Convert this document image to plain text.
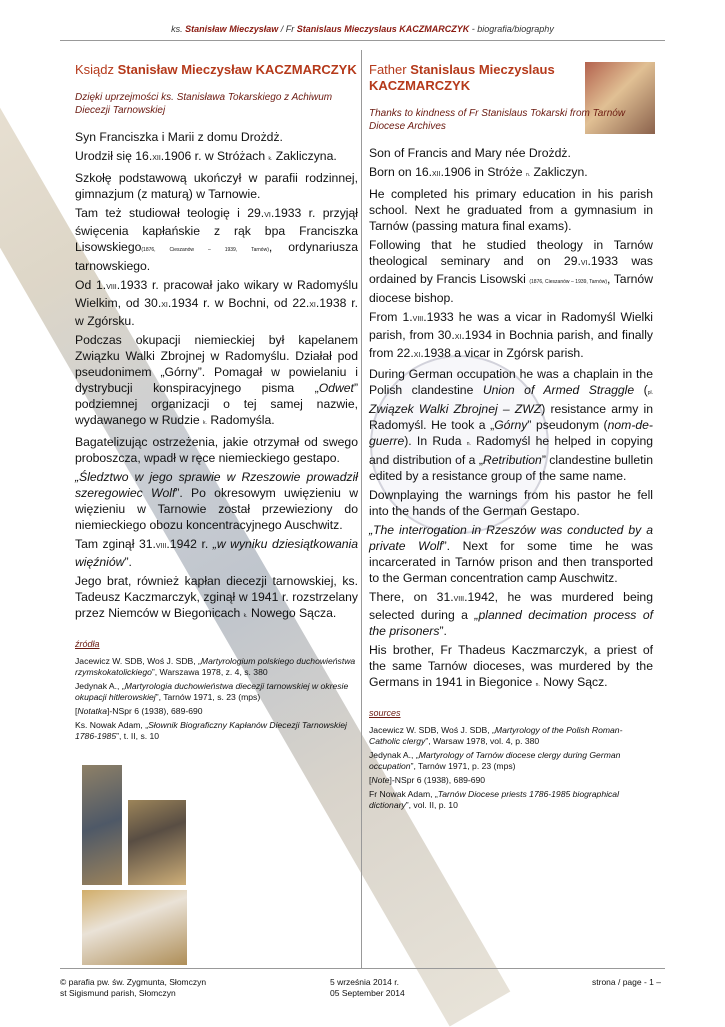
ks. Stanisław Mieczysław / Fr Stanislaus Mieczyslaus KACZMARCZYK - biografia/biography
Ksiądz Stanisław Mieczysław KACZMARCZYK
Dzięki uprzejmości ks. Stanisława Tokarskiego z Achiwum Diecezji Tarnowskiej
Syn Franciszka i Marii z domu Drożdż.
Urodził się 16.xii.1906 r. w Stróżach k. Zakliczyna.
Szkołę podstawową ukończył w parafii rodzinnej, gimnazjum (z maturą) w Tarnowie.
Tam też studiował teologię i 29.vi.1933 r. przyjął święcenia kapłańskie z rąk bpa Franciszka Lisowskiego(1876, Cieszanów – 1939, Tarnów), ordynariusza tarnowskiego.
Od 1.viii.1933 r. pracował jako wikary w Radomyślu Wielkim, od 30.xi.1934 r. w Bochni, od 22.xi.1938 r. w Zgórsku.
Podczas okupacji niemieckiej był kapelanem Związku Walki Zbrojnej w Radomyślu. Działał pod pseudonimem „Górny”. Pomagał w powielaniu i dystrybucji konspiracyjnego pisma „Odwet” podziemnej organizacji o tej samej nazwie, wydawanego w Rudzie k. Radomyśla.
Bagatelizując ostrzeżenia, jakie otrzymał od swego proboszcza, wpadł w ręce niemieckiego gestapo.
„Śledztwo w jego sprawie w Rzeszowie prowadził szeregowiec Wolf”. Po okresowym uwięzieniu w więzieniu w Tarnowie został przewieziony do niemieckiego obozu koncentracyjnego Auschwitz.
Tam zginął 31.viii.1942 r. „w wyniku dziesiątkowania więźniów”.
Jego brat, również kapłan diecezji tarnowskiej, ks. Tadeusz Kaczmarczyk, zginął w 1941 r. rozstrzelany przez Niemców w Biegonicach k. Nowego Sącza.
źródła
Jacewicz W. SDB, Woś J. SDB, „Martyrologium polskiego duchowieństwa rzymskokatolickiego”, Warszawa 1978, z. 4, s. 380
Jedynak A., „Martyrologia duchowieństwa diecezji tarnowskiej w okresie okupacji hitlerowskiej”, Tarnów 1971, s. 23 (mps)
[Notatka]-NSpr 6 (1938), 689-690
Ks. Nowak Adam, „Słownik Biograficzny Kapłanów Diecezji Tarnowskiej 1786-1985”, t. II, s. 10
Father Stanislaus Mieczyslaus KACZMARCZYK
Thanks to kindness of Fr Stanislaus Tokarski from Tarnów Diocese Archives
Son of Francis and Mary née Drożdż.
Born on 16.xii.1906 in Stróże n. Zakliczyn.
He completed his primary education in his parish school. Next he graduated from a gymnasium in Tarnów (passing matura final exams).
Following that he studied theology in Tarnów theological seminary and on 29.vi.1933 was ordained by Francis Lisowski (1876, Cieszanów – 1939, Tarnów), Tarnów diocese bishop.
From 1.viii.1933 he was a vicar in Radomyśl Wielki parish, from 30.xi.1934 in Bochnia parish, and finally from 22.xi.1938 a vicar in Zgórsk parish.
During German occupation he was a chaplain in the Polish clandestine Union of Armed Straggle (pl. Związek Walki Zbrojnej – ZWZ) resistance army in Radomyśl. He took a „Górny” pseudonym (nom-de-guerre). In Ruda n. Radomyśl he helped in copying and distribution of a „Retribution” clandestine bulletin edited by a resistance group of the same name.
Downplaying the warnings from his pastor he fell into the hands of the German Gestapo.
„The interrogation in Rzeszów was conducted by a private Wolf”. Next for some time he was incarcerated in Tarnów prison and then transported to the German concentration camp Auschwitz.
There, on 31.viii.1942, he was murdered being selected during a „planned decimation process of the prisoners”.
His brother, Fr Thadeus Kaczmarczyk, a priest of the same Tarnów dioceses, was murdered by the Germans in 1941 in Biegonice n. Nowy Sącz.
sources
Jacewicz W. SDB, Woś J. SDB, „Martyrology of the Polish Roman-Catholic clergy”, Warsaw 1978, vol. 4, p. 380
Jedynak A., „Martyrology of Tarnów diocese clergy during German occupation”, Tarnów 1971, p. 23 (mps)
[Note]-NSpr 6 (1938), 689-690
Fr Nowak Adam, „Tarnów Diocese priests 1786-1985 biographical dictionary”, vol. II, p. 10
© parafia pw. św. Zygmunta, Słomczyn
st Sigismund parish, Słomczyn
5 września 2014 r.
05 September 2014
strona / page - 1 –
